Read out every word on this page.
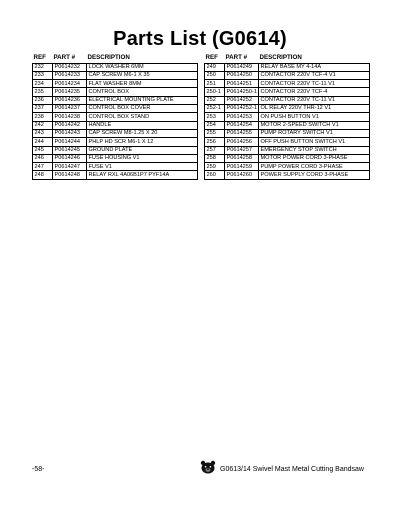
Parts List (G0614)
REF	PART #	DESCRIPTION
232	P0614232	LOCK WASHER 6MM
233	P0614233	CAP SCREW M6-1 X 35
234	P0614234	FLAT WASHER 8MM
235	P0614235	CONTROL BOX
236	P0614236	ELECTRICAL MOUNTING PLATE
237	P0614237	CONTROL BOX COVER
238	P0614238	CONTROL BOX STAND
242	P0614242	HANDLE
243	P0614243	CAP SCREW M8-1.25 X 20
244	P0614244	PHLP HD SCR M6-1 X 12
245	P0614245	GROUND PLATE
246	P0614246	FUSE HOUSING V1
247	P0614247	FUSE V1
248	P0614248	RELAY RXL 4A06B1P7 PYF14A
REF	PART #	DESCRIPTION
249	P0614249	RELAY BASE MY 4-14A
250	P0614250	CONTACTOR 220V TCF-4 V1
251	P0614251	CONTACTOR 220V TC-11 V1
250-1	P0614250-1	CONTACTOR 220V TCF-4
252	P0614252	CONTACTOR 220V TC-11 V1
252-1	P0614252-1	OL RELAY 220V THR-12 V1
253	P0614253	ON PUSH BUTTON V1
254	P0614254	MOTOR 2-SPEED SWITCH V1
255	P0614255	PUMP ROTARY SWITCH V1
256	P0614256	OFF PUSH BUTTON SWITCH V1
257	P0614257	EMERGENCY STOP SWITCH
258	P0614258	MOTOR POWER CORD 3-PHASE
259	P0614259	PUMP POWER CORD 3-PHASE
260	P0614260	POWER SUPPLY CORD 3-PHASE
-58-	G0613/14 Swivel Mast Metal Cutting Bandsaw
